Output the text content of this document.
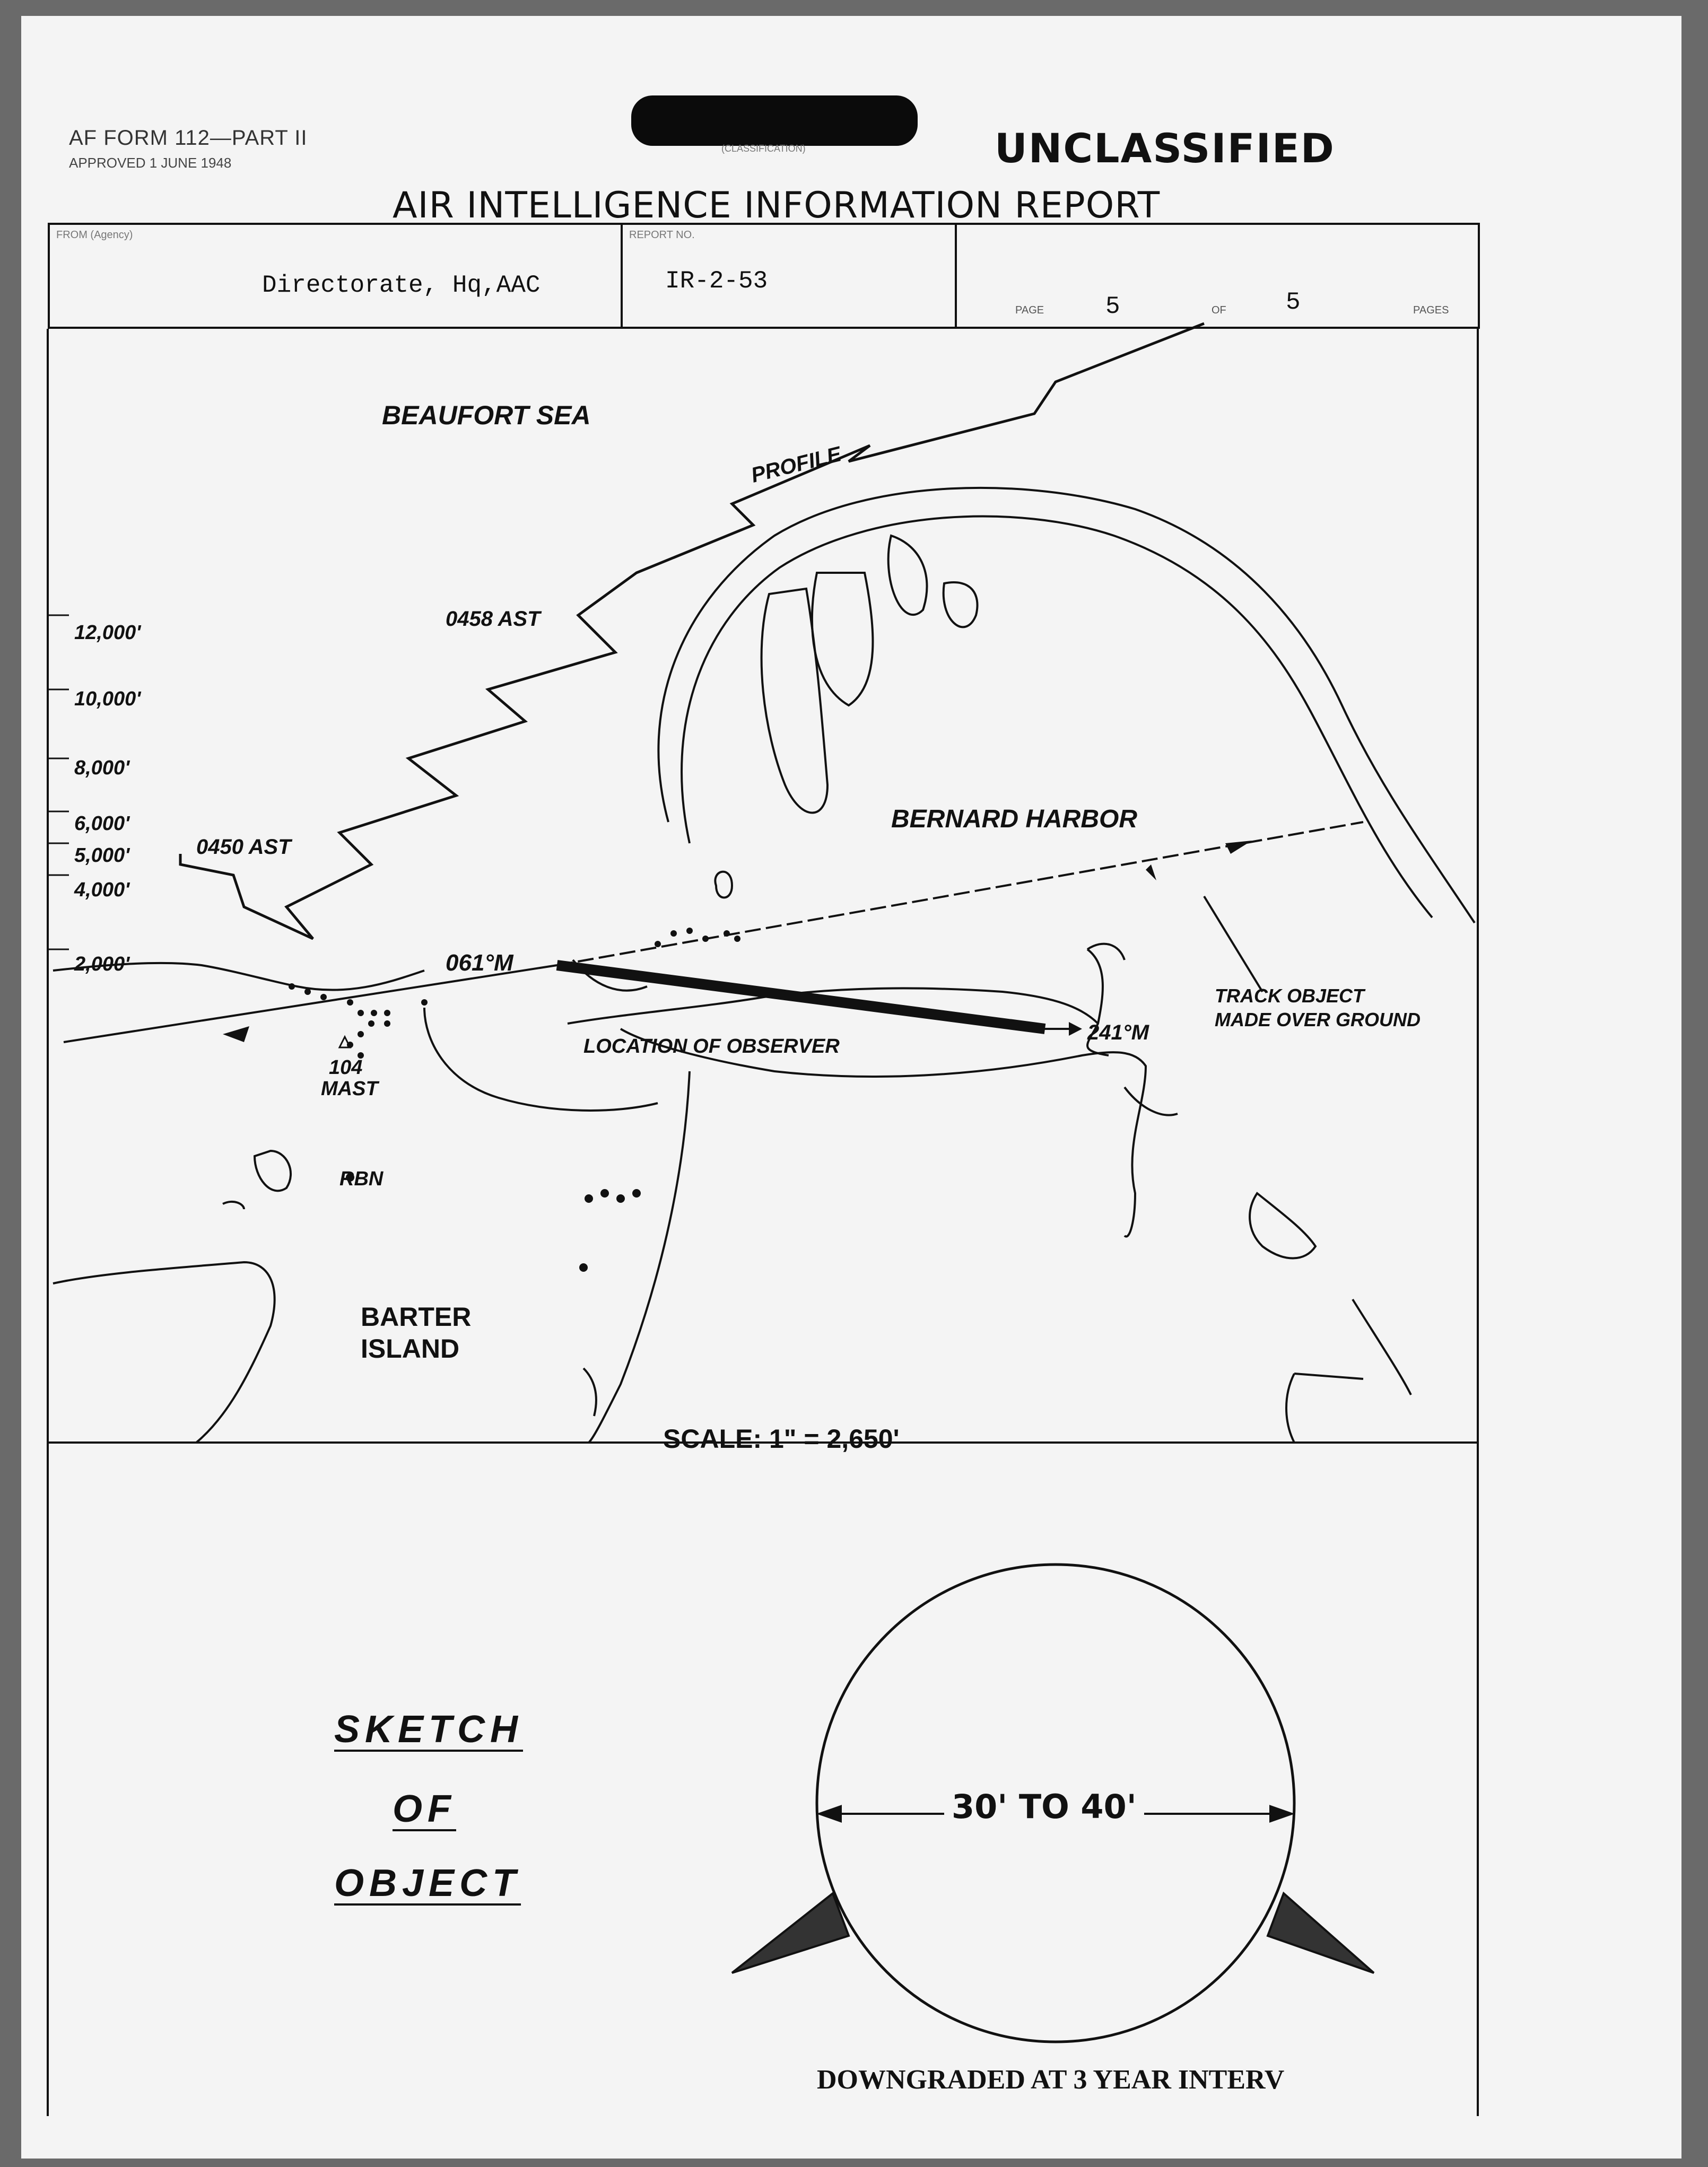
AF FORM 112—PART II

APPROVED 1 JUNE 1948

(CLASSIFICATION)	UNCLASSIFIED

AIR INTELLIGENCE INFORMATION REPORT

FROM (Agency)

Directorate, Hq,AAC

REPORT NO.

IR-2-53

PAGE	5	OF 5	PAGES

BEAUFORT SEA
PROFILE
0458 AST
0450 AST
12,000'
10,000'
8,000'
6,000'
5,000'
4,000'
2,000'
BERNARD HARBOR
061°M
241°M
LOCATION OF OBSERVER
104
MAST
RBN
TRACK OBJECT
MADE OVER GROUND
BARTER
ISLAND
SCALE: 1" = 2,650'

30' TO 40'

SKETCH

OF

OBJECT

DOWNGRADED AT 3 YEAR INTERV
